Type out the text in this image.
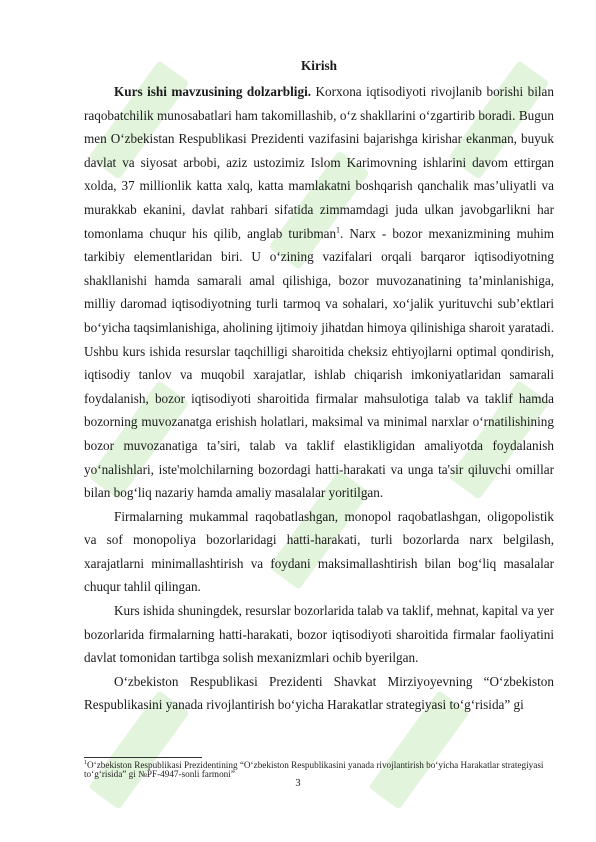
Kirish

Kurs ishi mavzusining dolzarbligi. Korxona iqtisodiyoti rivojlanib borishi bilan raqobatchilik munosabatlari ham takomillashib, o‘z shakllarini o‘zgartirib boradi. Bugun men O‘zbekistan Respublikasi Prezidenti vazifasini bajarishga kirishar ekanman, buyuk davlat va siyosat arbobi, aziz ustozimiz Islom Karimovning ishlarini davom ettirgan xolda, 37 millionlik katta xalq, katta mamlakatni boshqarish qanchalik mas’uliyatli va murakkab ekanini, davlat rahbari sifatida zimmamdagi juda ulkan javobgarlikni har tomonlama chuqur his qilib, anglab turibman$^1$. Narx - bozor mexanizmining muhim tarkibiy elementlaridan biri. U o‘zining vazifalari orqali barqaror iqtisodiyotning shakllanishi hamda samarali amal qilishiga, bozor muvozanatining ta’minlanishiga, milliy daromad iqtisodiyotning turli tarmoq va sohalari, xo‘jalik yurituvchi sub’ektlari bo‘yicha taqsimlanishiga, aholining ijtimoiy jihatdan himoya qilinishiga sharoit yaratadi. Ushbu kurs ishida resurslar taqchilligi sharoitida cheksiz ehtiyojlarni optimal qondirish, iqtisodiy tanlov va muqobil xarajatlar, ishlab chiqarish imkoniyatlaridan samarali foydalanish, bozor iqtisodiyoti sharoitida firmalar mahsulotiga talab va taklif hamda bozorning muvozanatga erishish holatlari, maksimal va minimal narxlar o‘rnatilishining bozor muvozanatiga ta’siri, talab va taklif elastikligidan amaliyotda foydalanish yo‘nalishlari, iste'molchilarning bozordagi hatti-harakati va unga ta'sir qiluvchi omillar bilan bog‘liq nazariy hamda amaliy masalalar yoritilgan.

Firmalarning mukammal raqobatlashgan, monopol raqobatlashgan, oligopolistik va sof monopoliya bozorlaridagi hatti-harakati, turli bozorlarda narx belgilash, xarajatlarni minimallashtirish va foydani maksimallashtirish bilan bog‘liq masalalar chuqur tahlil qilingan.

Kurs ishida shuningdek, resurslar bozorlarida talab va taklif, mehnat, kapital va yer bozorlarida firmalarning hatti-harakati, bozor iqtisodiyoti sharoitida firmalar faoliyatini davlat tomonidan tartibga solish mexanizmlari ochib byerilgan.

O‘zbekiston Respublikasi Prezidenti Shavkat Mirziyoyevning “O‘zbekiston Respublikasini yanada rivojlantirish bo‘yicha Harakatlar strategiyasi to‘g‘risida” gi

$^1$O‘zbekiston Respublikasi Prezidentining “O‘zbekiston Respublikasini yanada rivojlantirish bo‘yicha Harakatlar strategiyasi to‘g‘risida” gi №PF-4947-sonli farmoni”
3
